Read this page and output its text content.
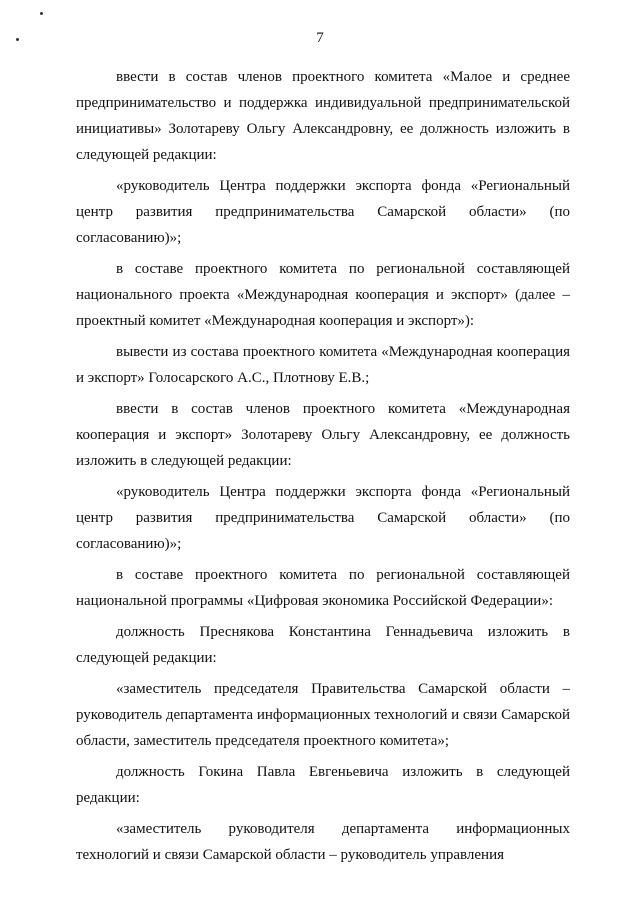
7

ввести в состав членов проектного комитета «Малое и среднее предпринимательство и поддержка индивидуальной предпринимательской инициативы» Золотареву Ольгу Александровну, ее должность изложить в следующей редакции:

«руководитель Центра поддержки экспорта фонда «Региональный центр развития предпринимательства Самарской области» (по согласованию)»;

в составе проектного комитета по региональной составляющей национального проекта «Международная кооперация и экспорт» (далее – проектный комитет «Международная кооперация и экспорт»):

вывести из состава проектного комитета «Международная кооперация и экспорт» Голосарского А.С., Плотнову Е.В.;

ввести в состав членов проектного комитета «Международная кооперация и экспорт» Золотареву Ольгу Александровну, ее должность изложить в следующей редакции:

«руководитель Центра поддержки экспорта фонда «Региональный центр развития предпринимательства Самарской области» (по согласованию)»;

в составе проектного комитета по региональной составляющей национальной программы «Цифровая экономика Российской Федерации»:

должность Преснякова Константина Геннадьевича изложить в следующей редакции:

«заместитель председателя Правительства Самарской области – руководитель департамента информационных технологий и связи Самарской области, заместитель председателя проектного комитета»;

должность Гокина Павла Евгеньевича изложить в следующей редакции:

«заместитель руководителя департамента информационных технологий и связи Самарской области – руководитель управления
